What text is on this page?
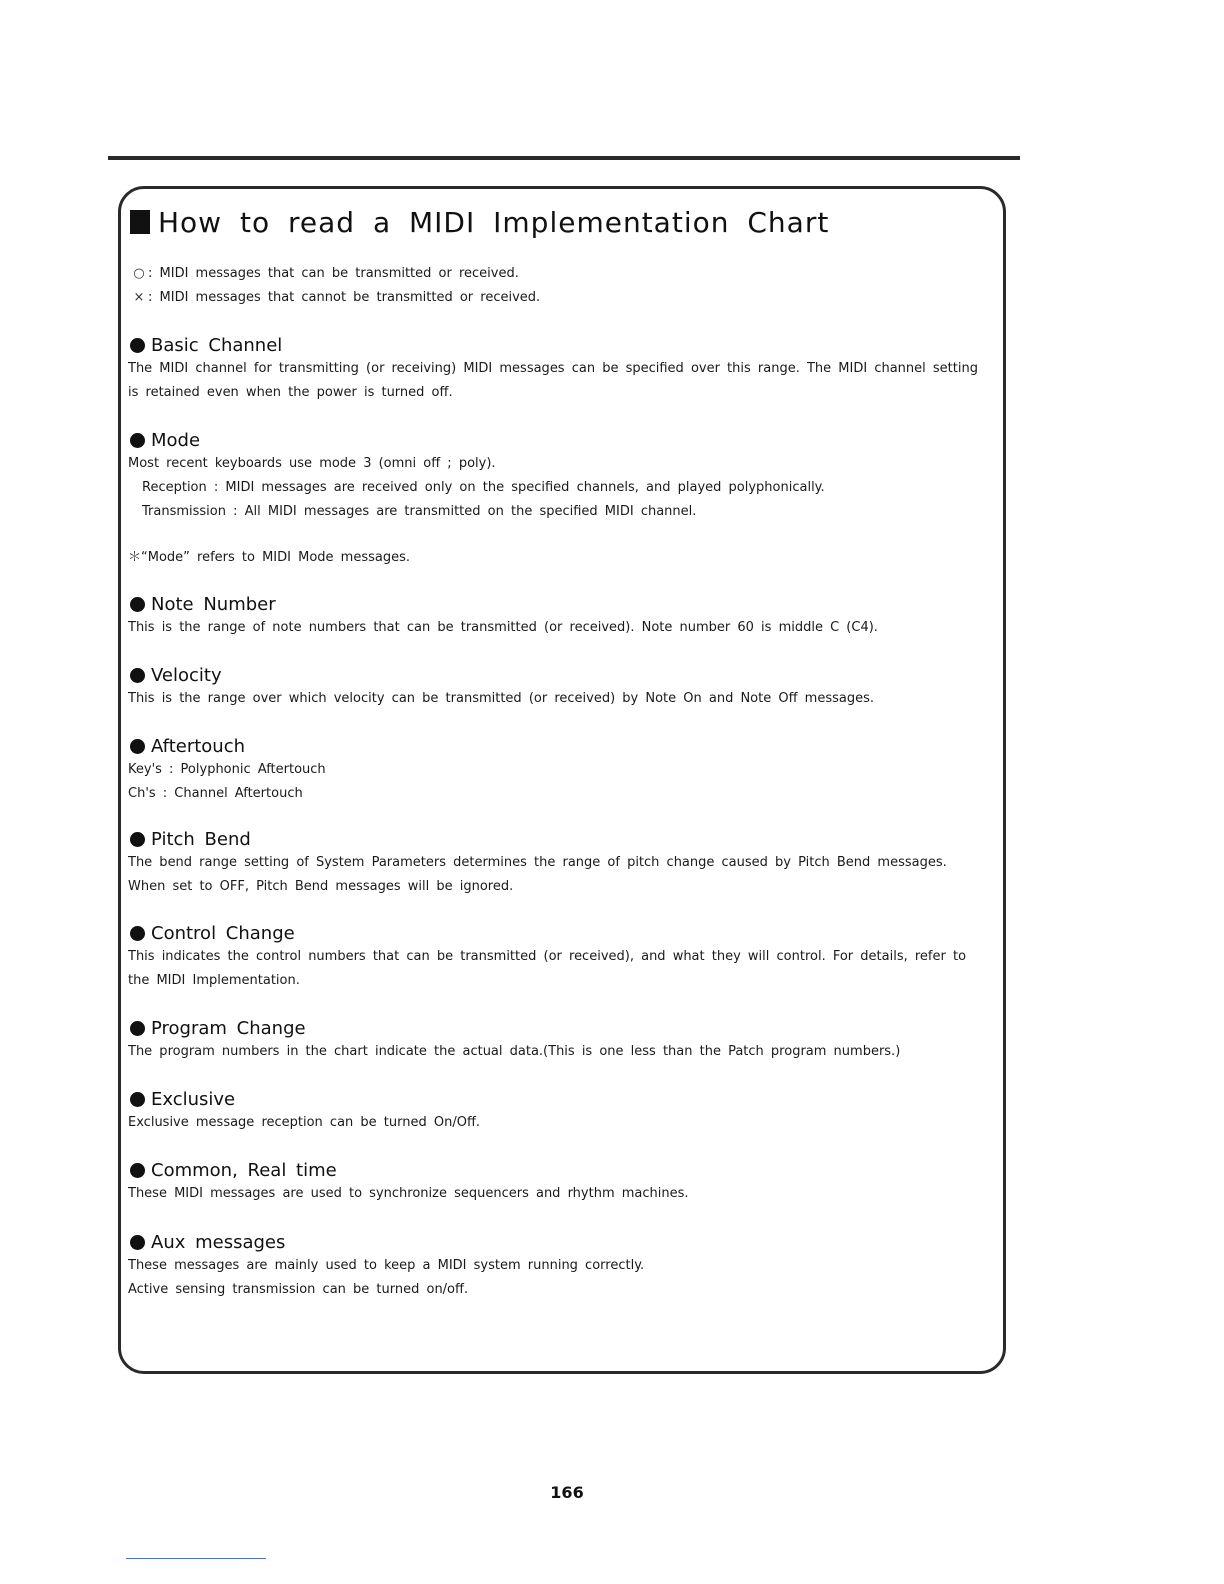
How to read a MIDI Implementation Chart
○ : MIDI messages that can be transmitted or received.
× : MIDI messages that cannot be transmitted or received.
Basic Channel
The MIDI channel for transmitting (or receiving) MIDI messages can be specified over this range. The MIDI channel setting
is retained even when the power is turned off.
Mode
Most recent keyboards use mode 3 (omni off ; poly).
Reception : MIDI messages are received only on the specified channels, and played polyphonically.
Transmission : All MIDI messages are transmitted on the specified MIDI channel.
＊“Mode” refers to MIDI Mode messages.
Note Number
This is the range of note numbers that can be transmitted (or received). Note number 60 is middle C (C4).
Velocity
This is the range over which velocity can be transmitted (or received) by Note On and Note Off messages.
Aftertouch
Key's : Polyphonic Aftertouch
Ch's : Channel Aftertouch
Pitch Bend
The bend range setting of System Parameters determines the range of pitch change caused by Pitch Bend messages.
When set to OFF, Pitch Bend messages will be ignored.
Control Change
This indicates the control numbers that can be transmitted (or received), and what they will control. For details, refer to
the MIDI Implementation.
Program Change
The program numbers in the chart indicate the actual data.(This is one less than the Patch program numbers.)
Exclusive
Exclusive message reception can be turned On/Off.
Common, Real time
These MIDI messages are used to synchronize sequencers and rhythm machines.
Aux messages
These messages are mainly used to keep a MIDI system running correctly.
Active sensing transmission can be turned on/off.
166
